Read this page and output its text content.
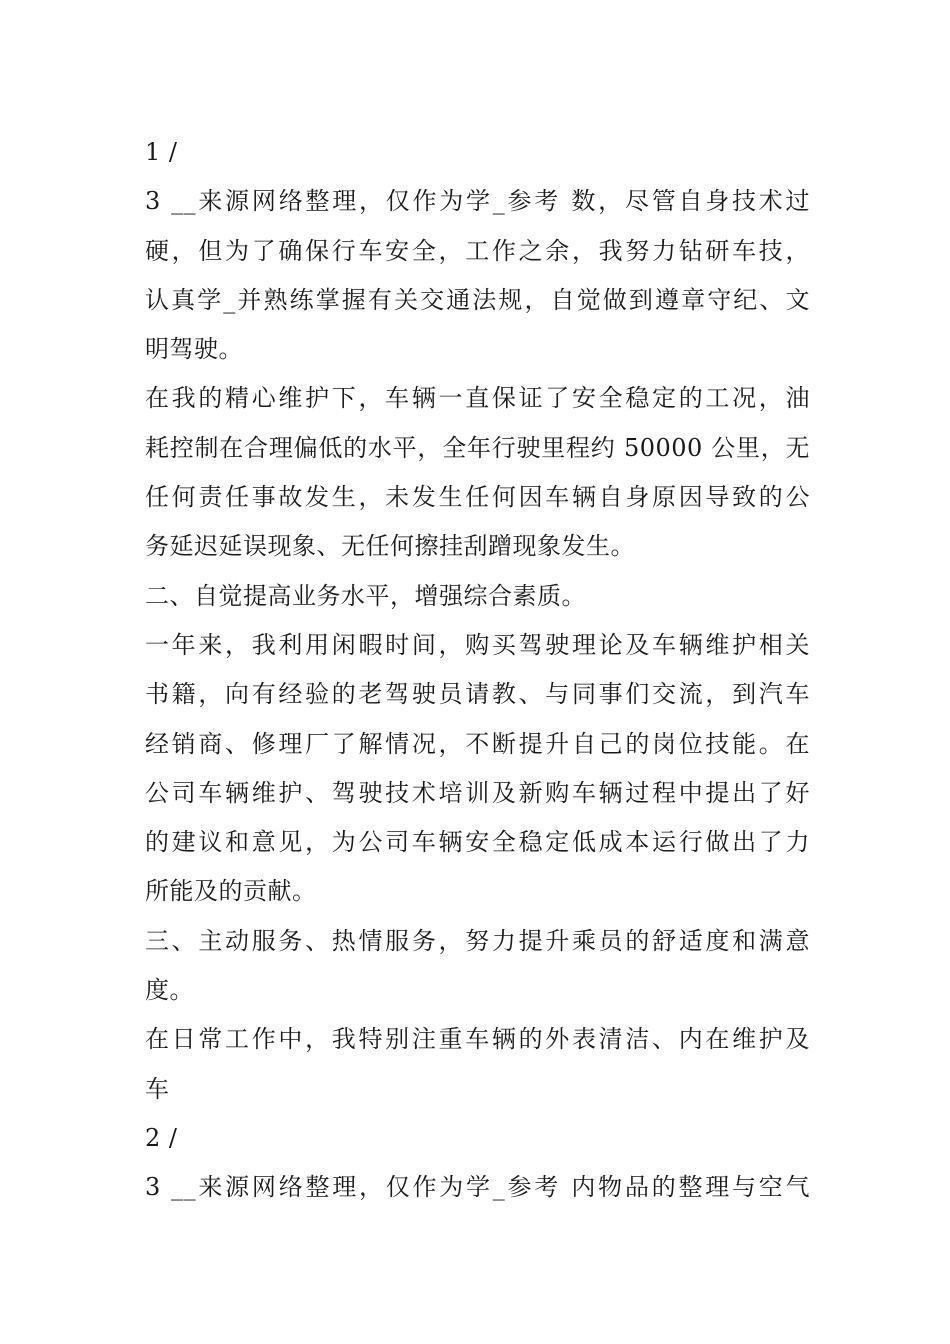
1 /
3 __来源网络整理，仅作为学_参考 数，尽管自身技术过
硬，但为了确保行车安全，工作之余，我努力钻研车技，
认真学_并熟练掌握有关交通法规，自觉做到遵章守纪、文
明驾驶。
在我的精心维护下，车辆一直保证了安全稳定的工况，油
耗控制在合理偏低的水平，全年行驶里程约 50000 公里，无
任何责任事故发生，未发生任何因车辆自身原因导致的公
务延迟延误现象、无任何擦挂刮蹭现象发生。
二、自觉提高业务水平，增强综合素质。
一年来，我利用闲暇时间，购买驾驶理论及车辆维护相关
书籍，向有经验的老驾驶员请教、与同事们交流，到汽车
经销商、修理厂了解情况，不断提升自己的岗位技能。在
公司车辆维护、驾驶技术培训及新购车辆过程中提出了好
的建议和意见，为公司车辆安全稳定低成本运行做出了力
所能及的贡献。
三、主动服务、热情服务，努力提升乘员的舒适度和满意
度。
在日常工作中，我特别注重车辆的外表清洁、内在维护及
车
2 /
3 __来源网络整理，仅作为学_参考 内物品的整理与空气
